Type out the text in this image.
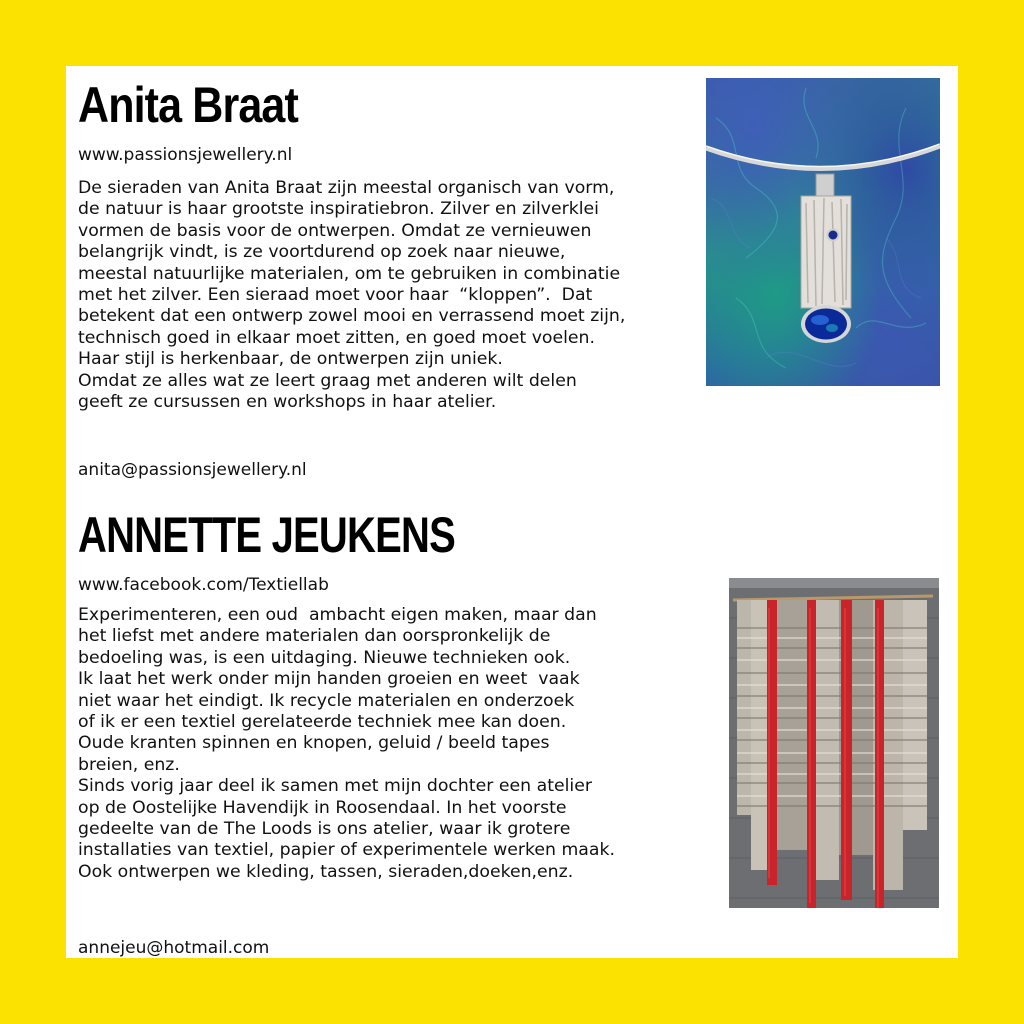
Anita Braat
www.passionsjewellery.nl

De sieraden van Anita Braat zijn meestal organisch van vorm,
de natuur is haar grootste inspiratiebron. Zilver en zilverklei
vormen de basis voor de ontwerpen. Omdat ze vernieuwen
belangrijk vindt, is ze voortdurend op zoek naar nieuwe,
meestal natuurlijke materialen, om te gebruiken in combinatie
met het zilver. Een sieraad moet voor haar  “kloppen”.  Dat
betekent dat een ontwerp zowel mooi en verrassend moet zijn,
technisch goed in elkaar moet zitten, en goed moet voelen.
Haar stijl is herkenbaar, de ontwerpen zijn uniek.
Omdat ze alles wat ze leert graag met anderen wilt delen
geeft ze cursussen en workshops in haar atelier.

anita@passionsjewellery.nl
ANNETTE JEUKENS
www.facebook.com/Textiellab

Experimenteren, een oud  ambacht eigen maken, maar dan
het liefst met andere materialen dan oorspronkelijk de
bedoeling was, is een uitdaging. Nieuwe technieken ook.
Ik laat het werk onder mijn handen groeien en weet  vaak
niet waar het eindigt. Ik recycle materialen en onderzoek
of ik er een textiel gerelateerde techniek mee kan doen.
Oude kranten spinnen en knopen, geluid / beeld tapes
breien, enz.
Sinds vorig jaar deel ik samen met mijn dochter een atelier
op de Oostelijke Havendijk in Roosendaal. In het voorste
gedeelte van de The Loods is ons atelier, waar ik grotere
installaties van textiel, papier of experimentele werken maak.
Ook ontwerpen we kleding, tassen, sieraden,doeken,enz.

annejeu@hotmail.com
